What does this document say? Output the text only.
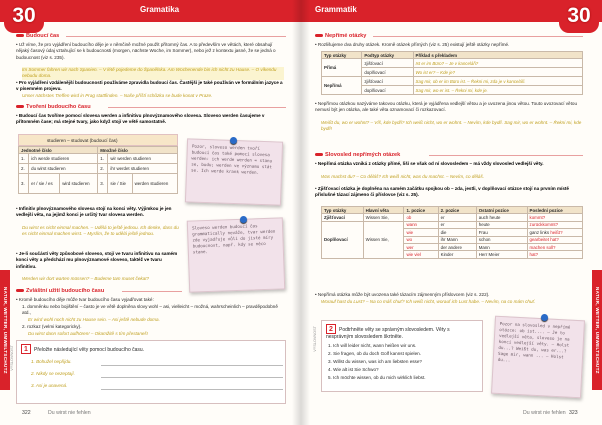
30	Gramatika
NATUR, WETTER, UMWELTSCHUTZ
Budoucí čas
• Už víme, že pro vyjádření budoucího děje je v němčině možné použít přítomný čas. A to především ve větách, které obsahují nějaký časový údaj vztahující se k budoucnosti (morgen, nächste Woche, im Sommer), nebo jež z kontextu jasné, že se jedná o budoucnost (viz s. 235).
Im Sommer fahren wir nach Spanien. – V létě pojedeme do Španělska. Am Wochenende bin ich nicht zu Hause. – O víkendu nebudu doma.
• Pro vyjádření vzdálenější budoucnosti používáme zpravidla budoucí čas. Častější je také používán ve formálním jazyce a v písemném projevu.
Unser nächstes Treffen wird in Prag stattfinden. – Naše příští schůzka se bude konat v Praze.
Tvoření budoucího času
• Budoucí čas tvoříme pomocí slovesa werden a infinitivu plnovýznamového slovesa. Sloveso werden časujeme v přítomném čase; má stejné tvary, jako když stojí ve větě samostatně.
studieren – studovat (budoucí čas)
Jednotné číslo			Množné číslo		
1.	ich werde studieren		1.	wir werden studieren	
2.	du wirst studieren		2.	ihr werdet studieren	
3.	er / sie / es	wird studieren	3.	sie / Sie	werden studieren
Pozor, sloveso werden tvoří budoucí čas také pomocí slovesa werden: ich werde werden = stanu se, budu; werden ve významu stát se. Ich werde krank werden.
Sloveso werden budoucí čas grammatically neváže, tvar werden zde vyjadřuje vůli do jisté míry budoucnost, např. kdy se něco stane.
• Infinitiv plnovýznamového slovesa stojí na konci věty. Výjimkou je jen vedlejší věta, na jejímž konci je určitý tvar slovesa werden.
Du wirst es nicht einmal machen. – Udělá to ještě jednou. Ich denke, dass du es nicht einmal machen wirst. – Myslím, že to udělá ještě jednou.
• Je-li součástí věty způsobové sloveso, stojí ve tvaru infinitivu na samém konci věty a předchází mu plnovýznamové sloveso, taktéž ve tvaru infinitivu.
Werden wir dort warten müssen? – Budeme tam muset čekat?
Zvláštní užití budoucího času
• Kromě budoucího děje může tvar budoucího času vyjadřovat také:
1. domněnku nebo bojištění – často je ve větě doplněna slovy wohl – asi, vielleicht – možná, wahrscheinlich – pravděpodobně atd.,
Er wird wohl noch nicht zu Hause sein. – Asi ještě nebude doma.
2. rozkaz (velmi kategoricky).
Du wirst dann sofort aufhören! – Okamžitě s tím přestaneš!
1 Přeložte následující věty pomocí budoucího času.
1. Bohužel nepřijdu.
2. Nikdy se nezeptají.
3. Asi je unavená.
VÝSLOVNOST
322	Du wirst nie fehlen
30
Grammatik
NATUR, WETTER, UMWELTSCHUTZ
Nepřímé otázky
• Rozlišujeme dva druhy otázek. Kromě otázek přímých (viz s. 25) existují ještě otázky nepřímé.
Typ otázky	Podtyp otázky	Příklad s překladem
Přímá	zjišťovací	Ist er im Büro? – Je v kanceláři?
	doplňovací	Wo ist er? – Kde je?
Nepřímá	zjišťovací	Sag mir, ob er im Büro ist. – Řekni mi, zda je v kanceláři.
	doplňovací	Sag mir, wo er ist. – Řekni mi, kde je.
• Nepřímou otázkou nazýváme takovou otázku, která je vyjádřena vedlejší větou a je uvozena jinou větou. Touto uvozovací větou nemusí být jen otázka, ale také věta oznamovací či rozkazovací.
Weißt du, wo er wohnt? – Víš, kde bydlí? Ich weiß nicht, wo er wohnt. – Nevím, kde bydlí. Sag mir, wo er wohnt. – Řekni mi, kde bydlí!
Slovosled nepřímých otázek
• Nepřímá otázka vzniká z otázky přímé, liší se však od ní slovosledem – má vždy slovosled vedlejší věty.
Was machst du? – Co děláš? Ich weiß nicht, was du machst. – Nevím, co děláš.
• Zjišťovací otázka je doplněna na samém začátku spojkou ob – zda, jestli, v doplňovací otázce stojí na prvním místě příslušné tázací zájmeno či příslovce (viz s. 25).
Typ otázky	Hlavní věta	1. pozice	2. pozice	Ostatní pozice	Poslední pozice
Zjišťovací	Wissen Sie,	ob	er	auch heute	kommt?
Doplňovací	Wissen Sie,	wann	er	heute	zurückkommt?
		wie	die	Frau	ganz links heißt?
		wo	ihr Mann	schon	gearbeitet hat?
		wer	der andere	Mann	machen soll?
		wie viel	Kinder	Herr Meier	hat?
• Nepřímá otázka může být uvozena také tázacím zájmenným příslovcem (viz s. 222).
Worauf hast du Lust? – Na co máš chuť? Ich weiß nicht, worauf ich Lust habe. – Nevím, na co mám chuť.
2 Podtrhněte věty se správným slovosledem. Věty s nesprávným slovosledem škrtněte.
1. Ich will leider nicht, wann heißen wir uns.
2. Sie fragen, ob du doch Golf kannst spielen.
3. Willst du wissen, was ich am liebsten esse?
4. Wie alt ist Sie Schwo?
5. Ich möchte wissen, ob du mich wirklich liebst.
VÝSLOVNOST
Pozor na slovosled v nepřímé otázce: ob ist.... – Je to vedlejší věta, sloveso je na konci vedlejší věty. – Holst du...? Weißt du, was er...? Sage mir, wann ... – Holst du...
Du wirst nie fehlen 323
